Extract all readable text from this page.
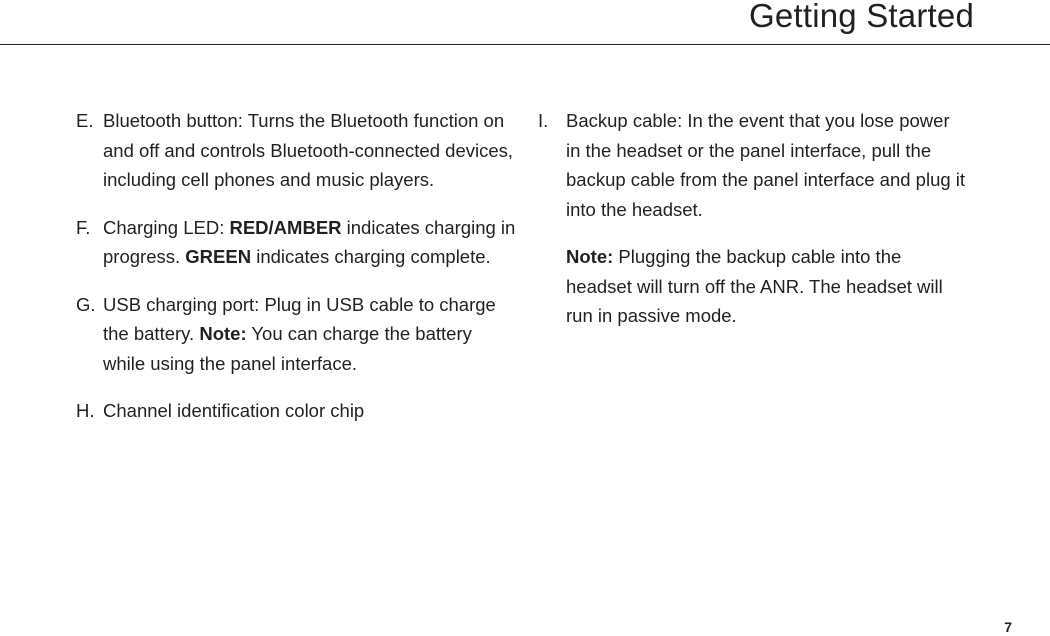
Getting Started
E. Bluetooth button: Turns the Bluetooth function on and off and controls Bluetooth-connected devices, including cell phones and music players.
F. Charging LED: RED/AMBER indicates charging in progress. GREEN indicates charging complete.
G. USB charging port: Plug in USB cable to charge the battery. Note: You can charge the battery while using the panel interface.
H. Channel identification color chip
I. Backup cable: In the event that you lose power in the headset or the panel interface, pull the backup cable from the panel interface and plug it into the headset.

Note: Plugging the backup cable into the headset will turn off the ANR. The headset will run in passive mode.

7
